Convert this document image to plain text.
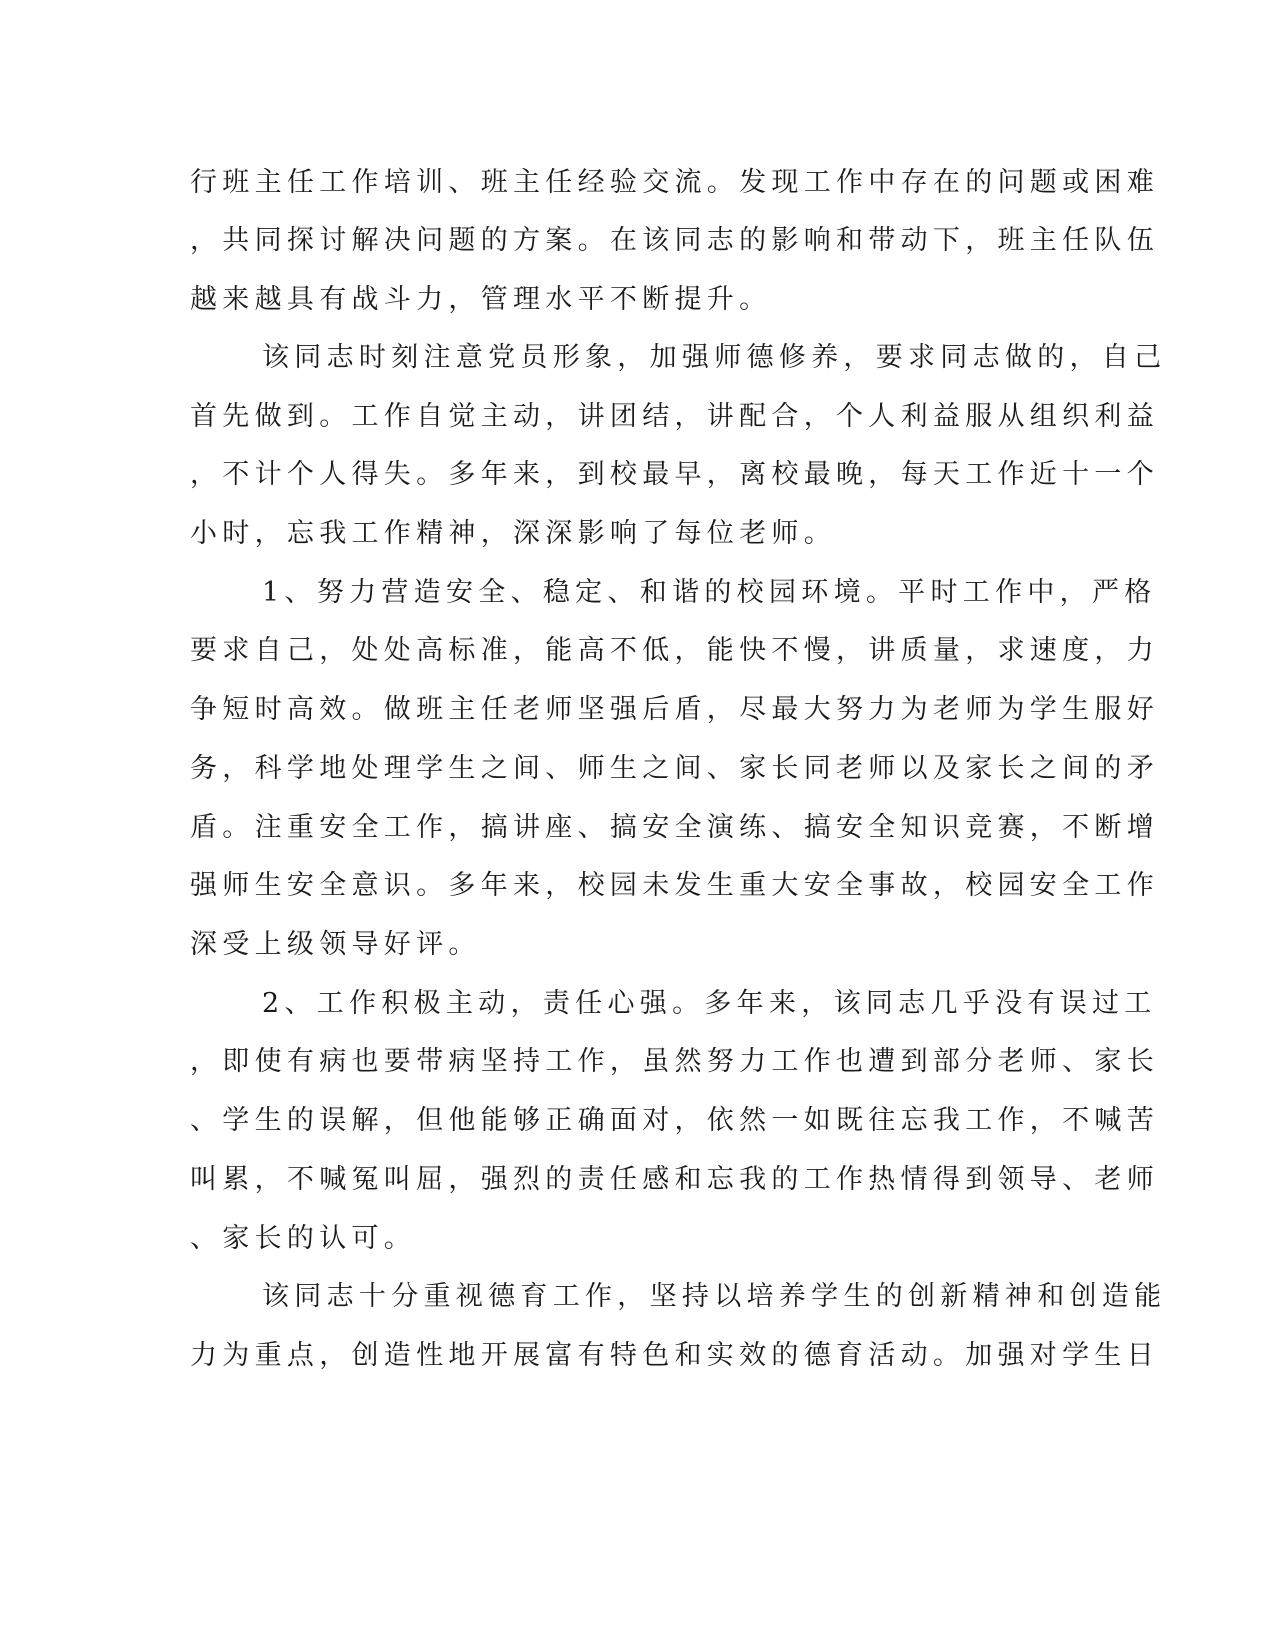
行班主任工作培训、班主任经验交流。发现工作中存在的问题或困难
，共同探讨解决问题的方案。在该同志的影响和带动下，班主任队伍
越来越具有战斗力，管理水平不断提升。
该同志时刻注意党员形象，加强师德修养，要求同志做的，自己
首先做到。工作自觉主动，讲团结，讲配合，个人利益服从组织利益
，不计个人得失。多年来，到校最早，离校最晚，每天工作近十一个
小时，忘我工作精神，深深影响了每位老师。
1、努力营造安全、稳定、和谐的校园环境。平时工作中，严格
要求自己，处处高标准，能高不低，能快不慢，讲质量，求速度，力
争短时高效。做班主任老师坚强后盾，尽最大努力为老师为学生服好
务，科学地处理学生之间、师生之间、家长同老师以及家长之间的矛
盾。注重安全工作，搞讲座、搞安全演练、搞安全知识竞赛，不断增
强师生安全意识。多年来，校园未发生重大安全事故，校园安全工作
深受上级领导好评。
2、工作积极主动，责任心强。多年来，该同志几乎没有误过工
，即使有病也要带病坚持工作，虽然努力工作也遭到部分老师、家长
、学生的误解，但他能够正确面对，依然一如既往忘我工作，不喊苦
叫累，不喊冤叫屈，强烈的责任感和忘我的工作热情得到领导、老师
、家长的认可。
该同志十分重视德育工作，坚持以培养学生的创新精神和创造能
力为重点，创造性地开展富有特色和实效的德育活动。加强对学生日
